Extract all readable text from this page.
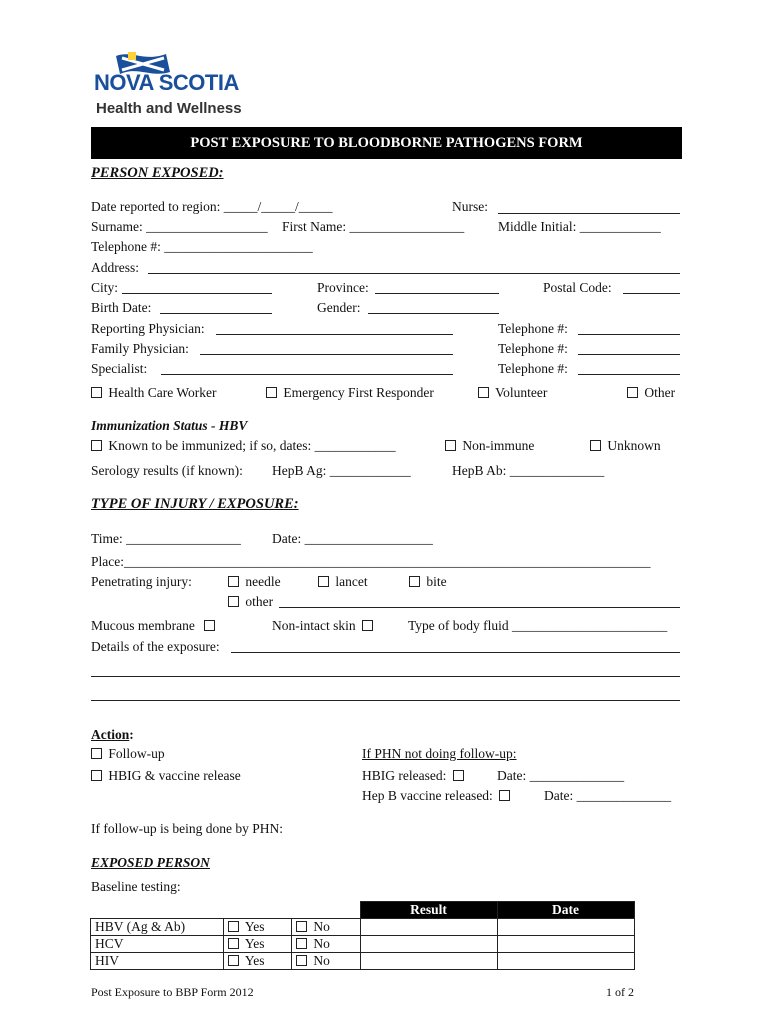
NOVA SCOTIA
Health and Wellness
POST EXPOSURE TO BLOODBORNE PATHOGENS FORM
PERSON EXPOSED:
Date reported to region: _____/_____/_____	Nurse:
Surname: __________________ First Name: _________________	Middle Initial: ____________
Telephone #: ______________________
Address:
City:	Province:	Postal Code:
Birth Date:	Gender:
Reporting Physician:	Telephone #:
Family Physician:	Telephone #:
Specialist:	Telephone #:
Health Care Worker	Emergency First Responder	Volunteer	Other
Immunization Status - HBV
Known to be immunized; if so, dates: ____________	Non-immune	Unknown
Serology results (if known): HepB Ag: ____________	HepB Ab: ______________
TYPE OF INJURY / EXPOSURE:
Time: _________________ Date: ___________________
Place:______________________________________________________________________________
Penetrating injury:	needle	lancet	bite
other
Mucous membrane	Non-intact skin	Type of body fluid _______________________
Details of the exposure:
Action:
Follow-up
HBIG & vaccine release
If PHN not doing follow-up:
HBIG released:	Date: ______________
Hep B vaccine released:	Date: ______________
If follow-up is being done by PHN:
EXPOSED PERSON
Baseline testing:
			Result	Date
HBV (Ag & Ab)	Yes	No		
HCV	Yes	No		
HIV	Yes	No		
Post Exposure to BBP Form 2012	1 of 2
